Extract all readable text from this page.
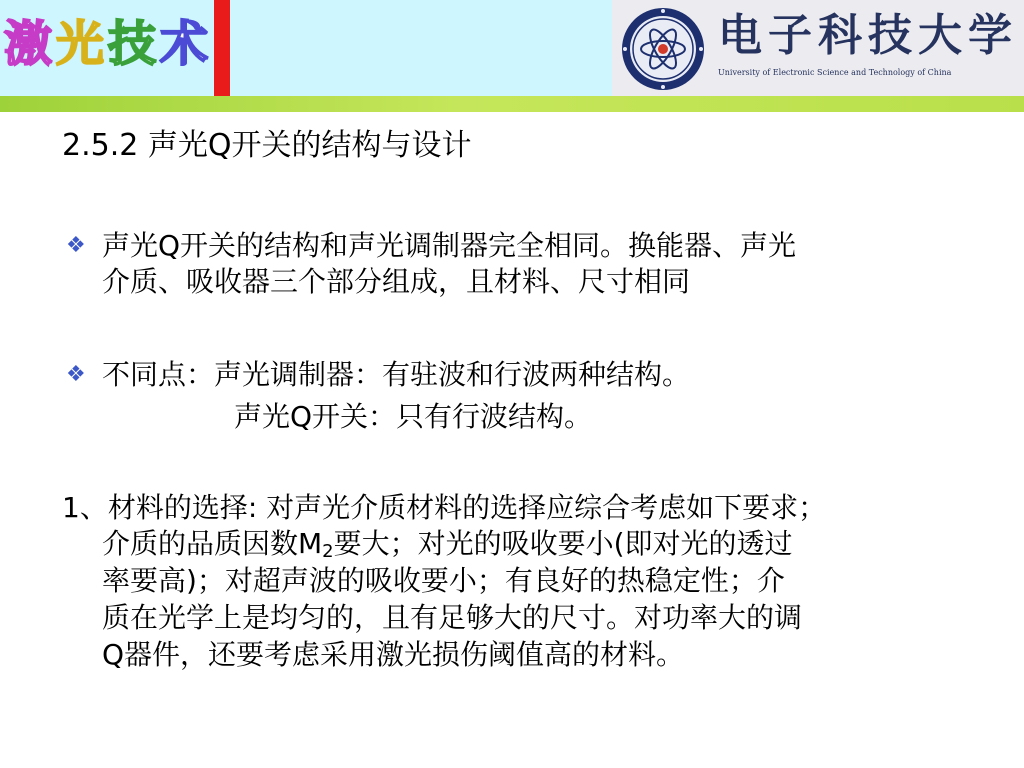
激 光 技 术	电子科技大学
University of Electronic Science and Technology of China
2.5.2 声光Q开关的结构与设计
❖ 声光Q开关的结构和声光调制器完全相同。换能器、声光
介质、吸收器三个部分组成，且材料、尺寸相同
❖ 不同点：声光调制器：有驻波和行波两种结构。
声光Q开关：只有行波结构。
1、材料的选择: 对声光介质材料的选择应综合考虑如下要求；
介质的品质因数$M_2$要大；对光的吸收要小(即对光的透过
率要高)；对超声波的吸收要小；有良好的热稳定性；介
质在光学上是均匀的，且有足够大的尺寸。对功率大的调
Q器件，还要考虑采用激光损伤阈值高的材料。
